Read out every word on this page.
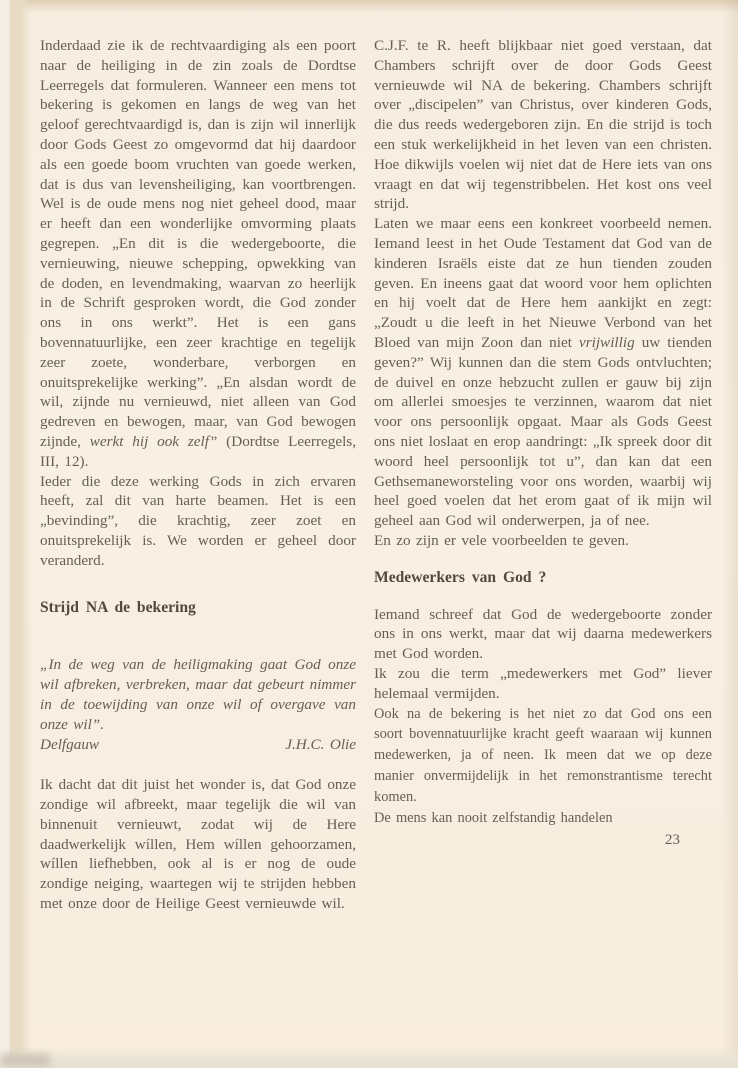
Inderdaad zie ik de rechtvaardiging als een poort naar de heiliging in de zin zoals de Dordtse Leerregels dat formuleren. Wanneer een mens tot bekering is gekomen en langs de weg van het geloof gerechtvaardigd is, dan is zijn wil innerlijk door Gods Geest zo omgevormd dat hij daardoor als een goede boom vruchten van goede werken, dat is dus van levensheiliging, kan voortbrengen. Wel is de oude mens nog niet geheel dood, maar er heeft dan een wonderlijke omvorming plaats gegrepen. „En dit is die wedergeboorte, die vernieuwing, nieuwe schepping, opwekking van de doden, en levendmaking, waarvan zo heerlijk in de Schrift gesproken wordt, die God zonder ons in ons werkt”. Het is een gans bovennatuurlijke, een zeer krachtige en tegelijk zeer zoete, wonderbare, verborgen en onuitsprekelijke werking”. „En alsdan wordt de wil, zijnde nu vernieuwd, niet alleen van God gedreven en bewogen, maar, van God bewogen zijnde, werkt hij ook zelf” (Dordtse Leerregels, III, 12).

Ieder die deze werking Gods in zich ervaren heeft, zal dit van harte beamen. Het is een „bevinding”, die krachtig, zeer zoet en onuitsprekelijk is. We worden er geheel door veranderd.

Strijd NA de bekering

„In de weg van de heiligmaking gaat God onze wil afbreken, verbreken, maar dat gebeurt nimmer in de toewijding van onze wil of overgave van onze wil”.

Delfgauw	J.H.C. Olie

Ik dacht dat dit juist het wonder is, dat God onze zondige wil afbreekt, maar tegelijk die wil van binnenuit vernieuwt, zodat wij de Here daadwerkelijk wíllen, Hem wíllen gehoorzamen, wíllen liefhebben, ook al is er nog de oude zondige neiging, waartegen wij te strijden hebben met onze door de Heilige Geest vernieuwde wil.

C.J.F. te R. heeft blijkbaar niet goed verstaan, dat Chambers schrijft over de door Gods Geest vernieuwde wil NA de bekering. Chambers schrijft over „discipelen” van Christus, over kinderen Gods, die dus reeds wedergeboren zijn. En die strijd is toch een stuk werkelijkheid in het leven van een christen. Hoe dikwijls voelen wij niet dat de Here iets van ons vraagt en dat wij tegenstribbelen. Het kost ons veel strijd.

Laten we maar eens een konkreet voorbeeld nemen. Iemand leest in het Oude Testament dat God van de kinderen Israëls eiste dat ze hun tienden zouden geven. En ineens gaat dat woord voor hem oplichten en hij voelt dat de Here hem aankijkt en zegt: „Zoudt u die leeft in het Nieuwe Verbond van het Bloed van mijn Zoon dan niet vrijwillig uw tienden geven?” Wij kunnen dan die stem Gods ontvluchten; de duivel en onze hebzucht zullen er gauw bij zijn om allerlei smoesjes te verzinnen, waarom dat niet voor ons persoonlijk opgaat. Maar als Gods Geest ons niet loslaat en erop aandringt: „Ik spreek door dit woord heel persoonlijk tot u”, dan kan dat een Gethsemaneworsteling voor ons worden, waarbij wij heel goed voelen dat het erom gaat of ik mijn wil geheel aan God wil onderwerpen, ja of nee.

En zo zijn er vele voorbeelden te geven.

Medewerkers van God ?

Iemand schreef dat God de wedergeboorte zonder ons in ons werkt, maar dat wij daarna medewerkers met God worden.

Ik zou die term „medewerkers met God” liever helemaal vermijden.

Ook na de bekering is het niet zo dat God ons een soort bovennatuurlijke kracht geeft waaraan wij kunnen medewerken, ja of neen. Ik meen dat we op deze manier onvermijdelijk in het remonstrantisme terecht komen.

De mens kan nooit zelfstandig handelen

23
